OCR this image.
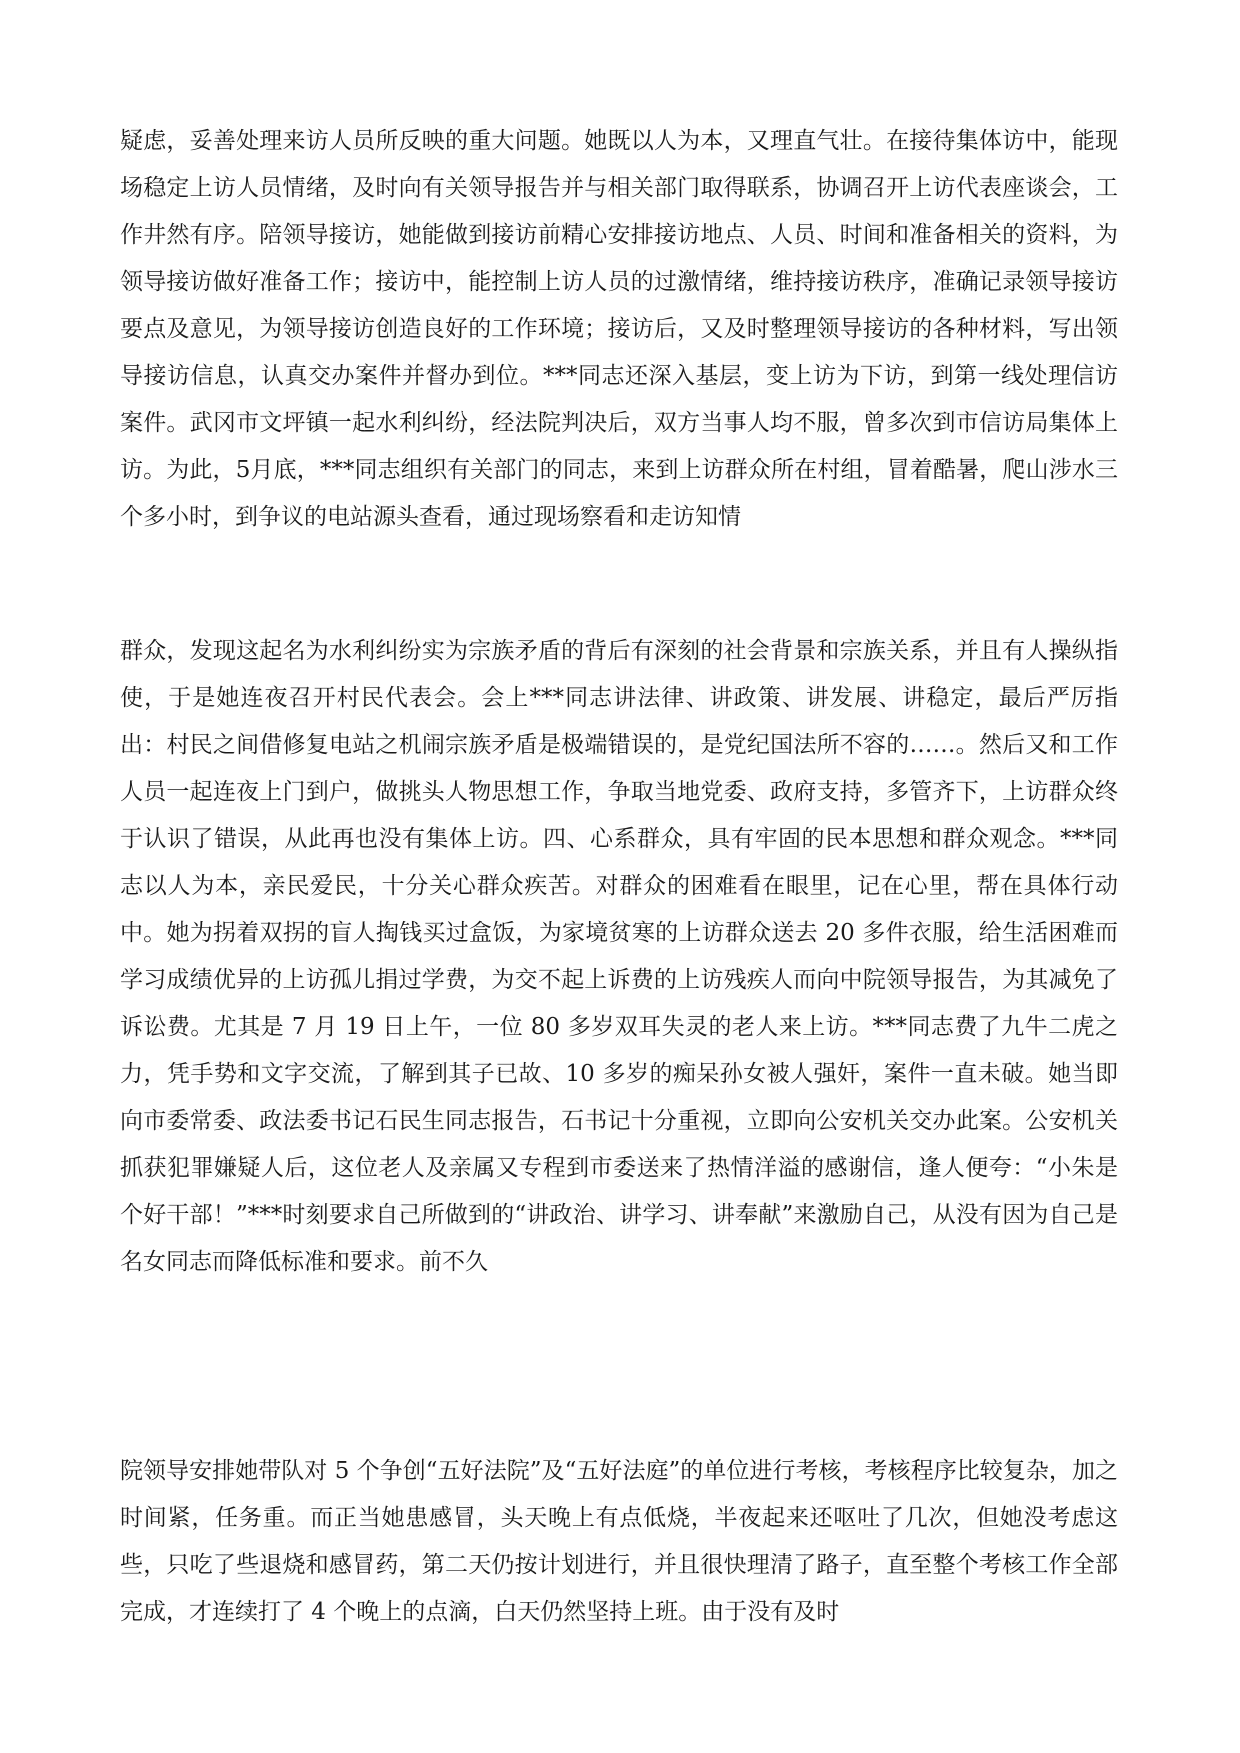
疑虑，妥善处理来访人员所反映的重大问题。她既以人为本，又理直气壮。在接待集体访中，能现场稳定上访人员情绪，及时向有关领导报告并与相关部门取得联系，协调召开上访代表座谈会，工作井然有序。陪领导接访，她能做到接访前精心安排接访地点、人员、时间和准备相关的资料，为领导接访做好准备工作；接访中，能控制上访人员的过激情绪，维持接访秩序，准确记录领导接访要点及意见，为领导接访创造良好的工作环境；接访后，又及时整理领导接访的各种材料，写出领导接访信息，认真交办案件并督办到位。***同志还深入基层，变上访为下访，到第一线处理信访案件。武冈市文坪镇一起水利纠纷，经法院判决后，双方当事人均不服，曾多次到市信访局集体上访。为此，5月底，***同志组织有关部门的同志，来到上访群众所在村组，冒着酷暑，爬山涉水三个多小时，到争议的电站源头查看，通过现场察看和走访知情

群众，发现这起名为水利纠纷实为宗族矛盾的背后有深刻的社会背景和宗族关系，并且有人操纵指使，于是她连夜召开村民代表会。会上***同志讲法律、讲政策、讲发展、讲稳定，最后严厉指出：村民之间借修复电站之机闹宗族矛盾是极端错误的，是党纪国法所不容的……。然后又和工作人员一起连夜上门到户，做挑头人物思想工作，争取当地党委、政府支持，多管齐下，上访群众终于认识了错误，从此再也没有集体上访。四、心系群众，具有牢固的民本思想和群众观念。***同志以人为本，亲民爱民，十分关心群众疾苦。对群众的困难看在眼里，记在心里，帮在具体行动中。她为拐着双拐的盲人掏钱买过盒饭，为家境贫寒的上访群众送去 20 多件衣服，给生活困难而学习成绩优异的上访孤儿捐过学费，为交不起上诉费的上访残疾人而向中院领导报告，为其减免了诉讼费。尤其是 7 月 19 日上午，一位 80 多岁双耳失灵的老人来上访。***同志费了九牛二虎之力，凭手势和文字交流，了解到其子已故、10 多岁的痴呆孙女被人强奸，案件一直未破。她当即向市委常委、政法委书记石民生同志报告，石书记十分重视，立即向公安机关交办此案。公安机关抓获犯罪嫌疑人后，这位老人及亲属又专程到市委送来了热情洋溢的感谢信，逢人便夸：“小朱是个好干部！”***时刻要求自己所做到的“讲政治、讲学习、讲奉献”来激励自己，从没有因为自己是名女同志而降低标准和要求。前不久

院领导安排她带队对 5 个争创“五好法院”及“五好法庭”的单位进行考核，考核程序比较复杂，加之时间紧，任务重。而正当她患感冒，头天晚上有点低烧，半夜起来还呕吐了几次，但她没考虑这些，只吃了些退烧和感冒药，第二天仍按计划进行，并且很快理清了路子，直至整个考核工作全部完成，才连续打了 4 个晚上的点滴，白天仍然坚持上班。由于没有及时
